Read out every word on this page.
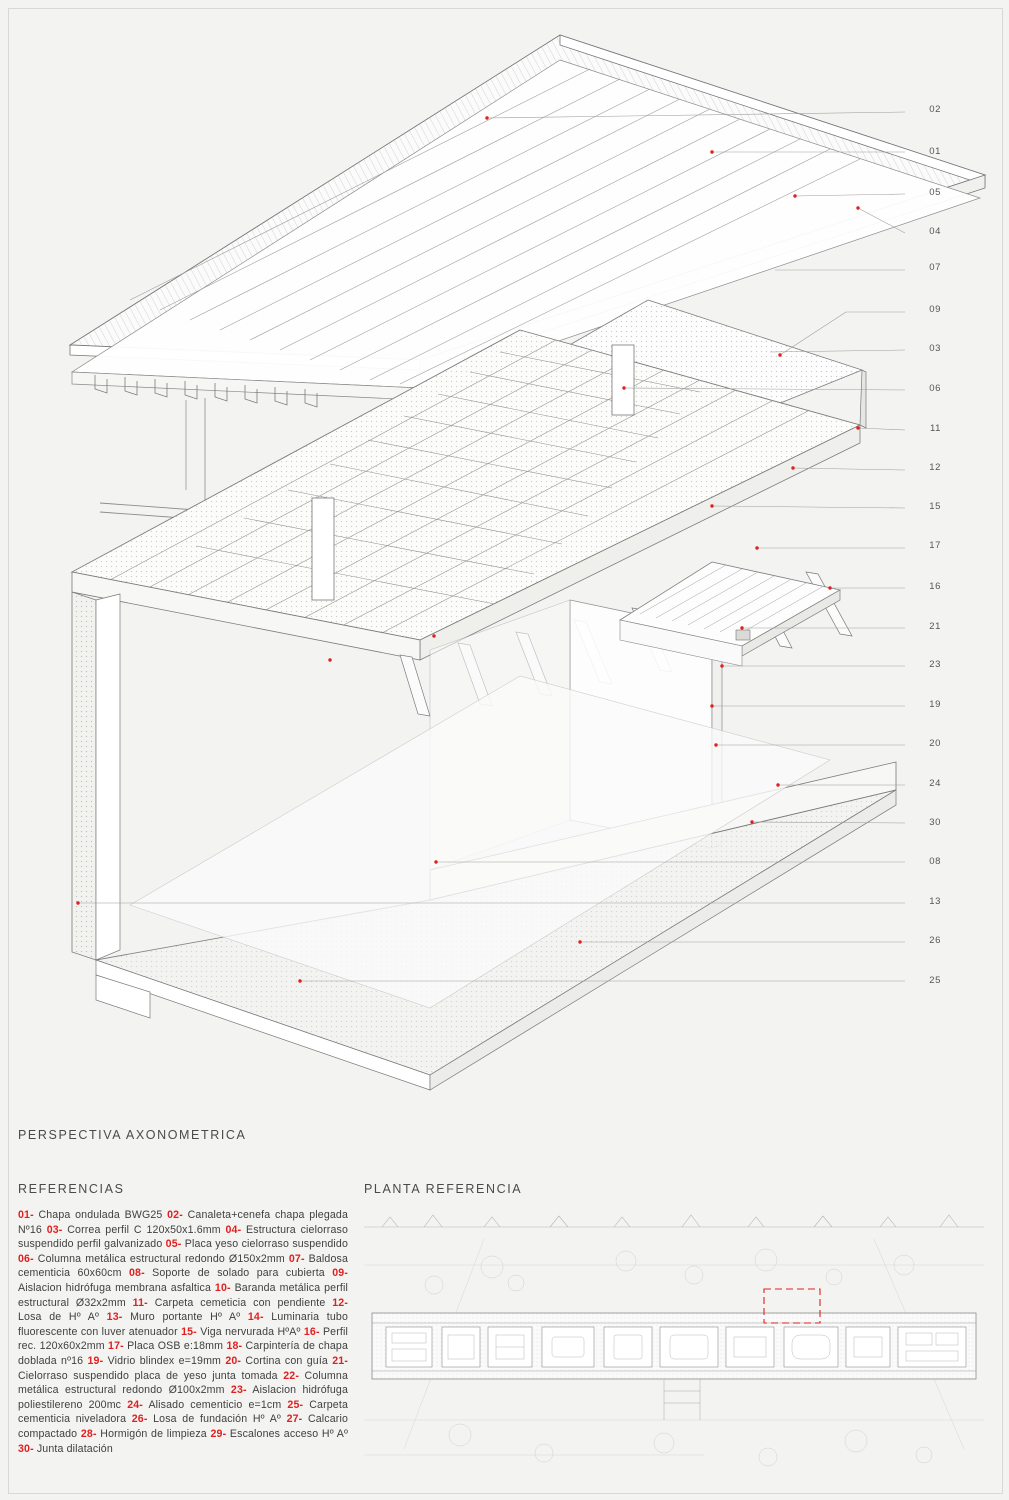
02
01
05
04
07
09
03
06
11
12
15
17
16
21
23
19
20
24
30
08
13
26
25
PERSPECTIVA AXONOMETRICA
REFERENCIAS	PLANTA REFERENCIA
01- Chapa ondulada BWG25 02- Canaleta+cenefa chapa plegada Nº16 03- Correa perfil C 120x50x1.6mm 04- Estructura cielorraso suspendido perfil galvanizado 05- Placa yeso cielorraso suspendido 06- Columna metálica estructural redondo Ø150x2mm 07- Baldosa cementicia 60x60cm 08- Soporte de solado para cubierta 09- Aislacion hidrófuga membrana asfaltica 10- Baranda metálica perfil estructural Ø32x2mm 11- Carpeta cemeticia con pendiente 12- Losa de Hº Aº 13- Muro portante Hº Aº 14- Luminaria tubo fluorescente con luver atenuador 15- Viga nervurada HºAº 16- Perfil rec. 120x60x2mm 17- Placa OSB e:18mm 18- Carpintería de chapa doblada nº16 19- Vidrio blindex e=19mm 20- Cortina con guía 21- Cielorraso suspendido placa de yeso junta tomada 22- Columna metálica estructural redondo Ø100x2mm 23- Aislacion hidrófuga poliestilereno 200mc 24- Alisado cementicio e=1cm 25- Carpeta cementicia niveladora 26- Losa de fundación Hº Aº 27- Calcario compactado 28- Hormigón de limpieza 29- Escalones acceso Hº Aº 30- Junta dilatación
